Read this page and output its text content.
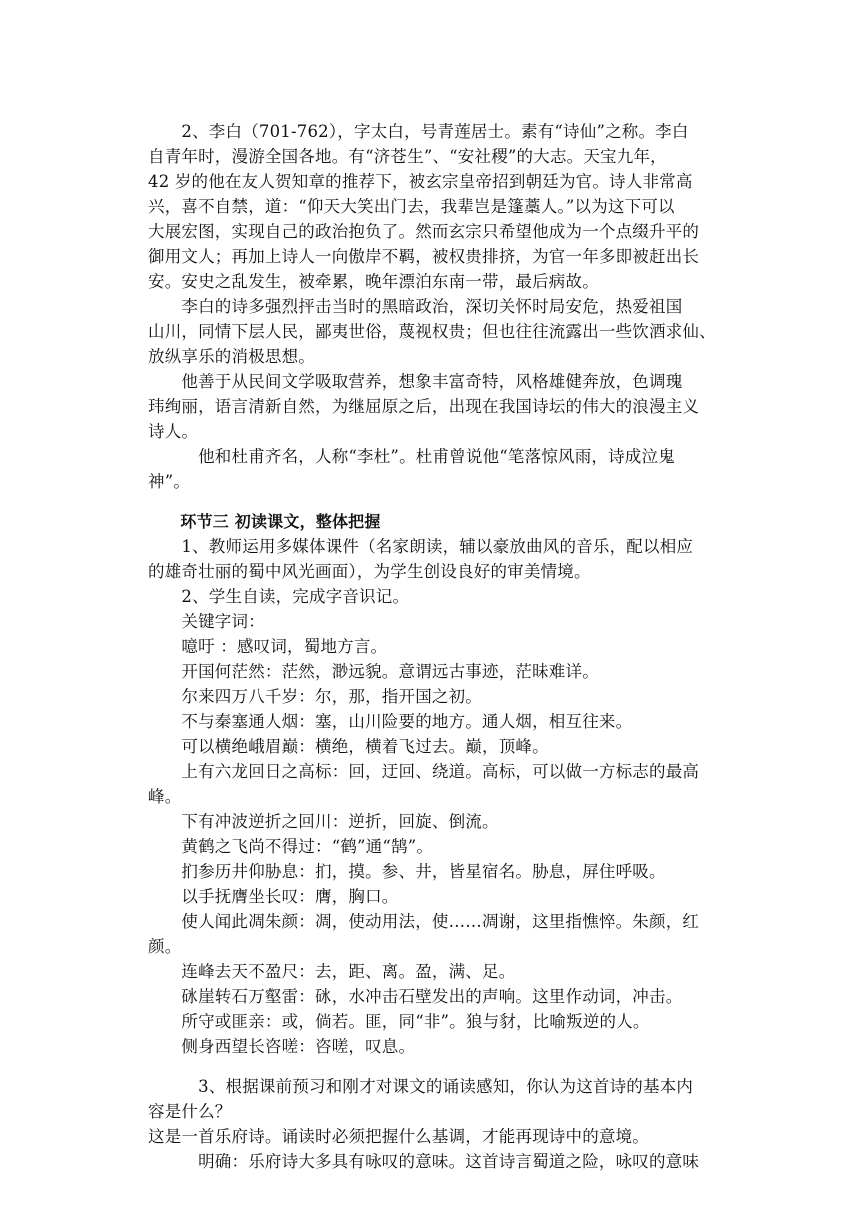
　　2、李白（701-762），字太白，号青莲居士。素有“诗仙”之称。李白
自青年时，漫游全国各地。有“济苍生”、“安社稷”的大志。天宝九年，
42 岁的他在友人贺知章的推荐下，被玄宗皇帝招到朝廷为官。诗人非常高
兴，喜不自禁，道：“仰天大笑出门去，我辈岂是篷藁人。”以为这下可以
大展宏图，实现自己的政治抱负了。然而玄宗只希望他成为一个点缀升平的
御用文人；再加上诗人一向傲岸不羁，被权贵排挤，为官一年多即被赶出长
安。安史之乱发生，被牵累，晚年漂泊东南一带，最后病故。
　　李白的诗多强烈抨击当时的黑暗政治，深切关怀时局安危，热爱祖国
山川，同情下层人民，鄙夷世俗，蔑视权贵；但也往往流露出一些饮酒求仙、
放纵享乐的消极思想。
　　他善于从民间文学吸取营养，想象丰富奇特，风格雄健奔放，色调瑰
玮绚丽，语言清新自然，为继屈原之后，出现在我国诗坛的伟大的浪漫主义
诗人。
　　　他和杜甫齐名，人称“李杜”。杜甫曾说他“笔落惊风雨，诗成泣鬼
神”。
　　环节三 初读课文，整体把握
　　1、教师运用多媒体课件（名家朗读，辅以豪放曲风的音乐，配以相应
的雄奇壮丽的蜀中风光画面），为学生创设良好的审美情境。
　　2、学生自读，完成字音识记。
　　关键字词：
　　噫吁 ：感叹词，蜀地方言。
　　开国何茫然：茫然，渺远貌。意谓远古事迹，茫昧难详。
　　尔来四万八千岁：尔，那，指开国之初。
　　不与秦塞通人烟：塞，山川险要的地方。通人烟，相互往来。
　　可以横绝峨眉巅：横绝，横着飞过去。巅，顶峰。
　　上有六龙回日之高标：回，迂回、绕道。高标，可以做一方标志的最高
峰。
　　下有冲波逆折之回川：逆折，回旋、倒流。
　　黄鹤之飞尚不得过：“鹤”通“鹄”。
　　扪参历井仰胁息：扪，摸。参、井，皆星宿名。胁息，屏住呼吸。
　　以手抚膺坐长叹：膺，胸口。
　　使人闻此凋朱颜：凋，使动用法，使……凋谢，这里指憔悴。朱颜，红
颜。
　　连峰去天不盈尺：去，距、离。盈，满、足。
　　砯崖转石万壑雷：砯，水冲击石壁发出的声响。这里作动词，冲击。
　　所守或匪亲：或，倘若。匪，同“非”。狼与豺，比喻叛逆的人。
　　侧身西望长咨嗟：咨嗟，叹息。
　　　3、根据课前预习和刚才对课文的诵读感知，你认为这首诗的基本内
容是什么？
这是一首乐府诗。诵读时必须把握什么基调，才能再现诗中的意境。
　　　明确：乐府诗大多具有咏叹的意味。这首诗言蜀道之险，咏叹的意味
